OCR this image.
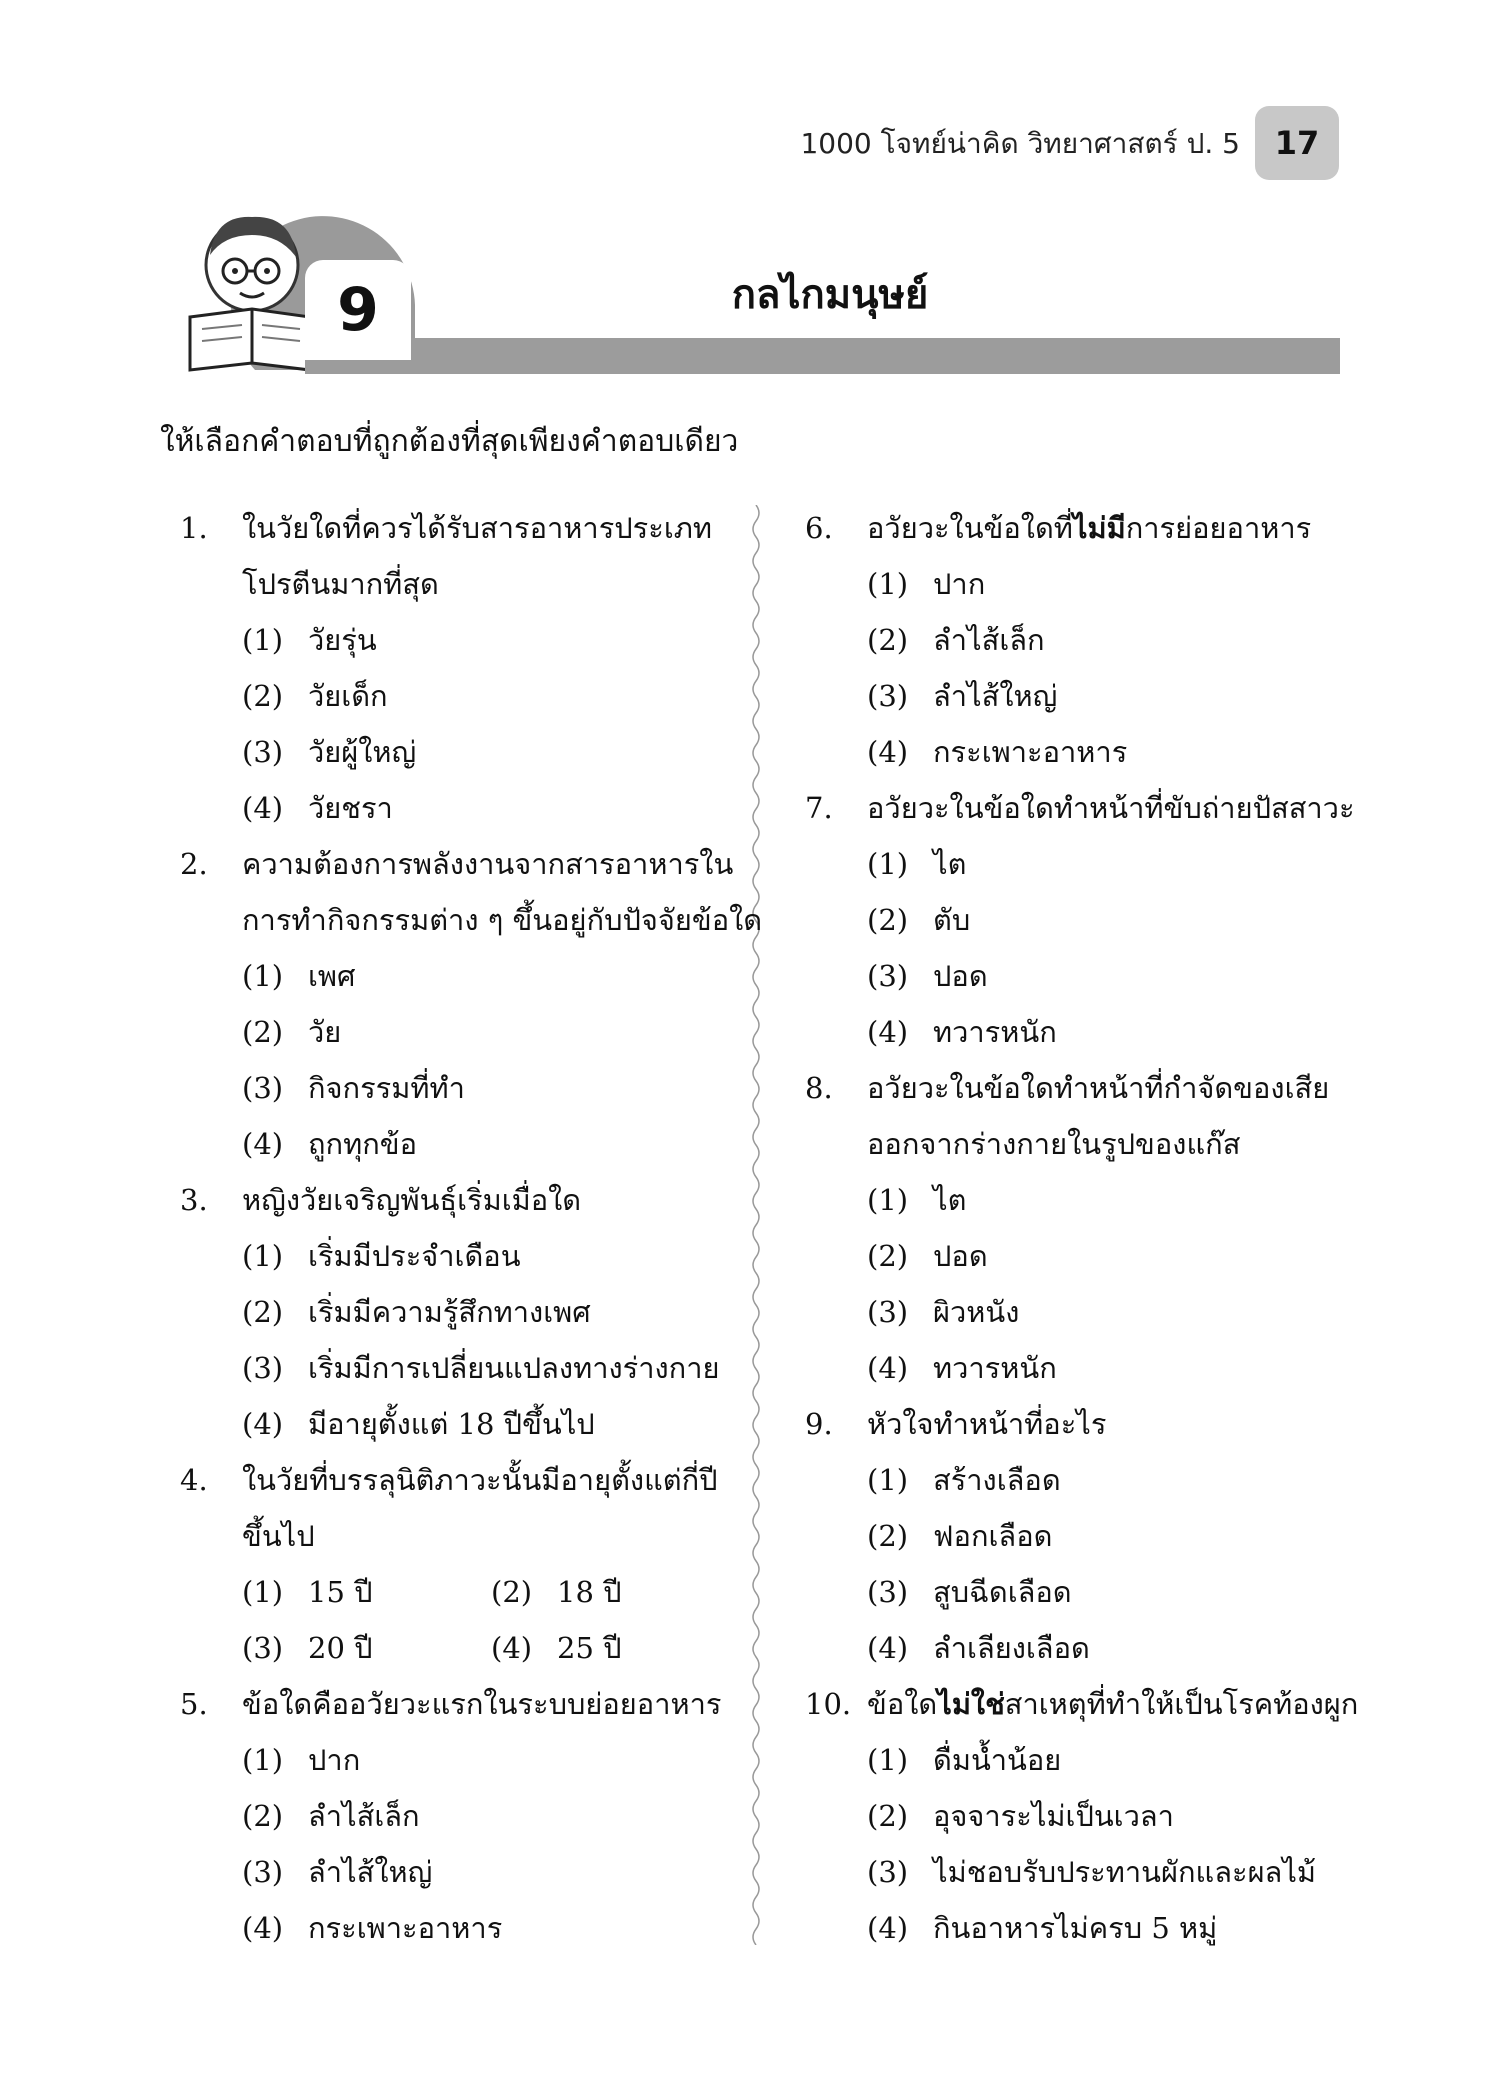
1000 โจทย์น่าคิด วิทยาศาสตร์ ป. 5	17
9	กลไกมนุษย์
ให้เลือกคำตอบที่ถูกต้องที่สุดเพียงคำตอบเดียว
1.	ในวัยใดที่ควรได้รับสารอาหารประเภท
โปรตีนมากที่สุด
(1) วัยรุ่น
(2) วัยเด็ก
(3) วัยผู้ใหญ่
(4) วัยชรา
2.	ความต้องการพลังงานจากสารอาหารใน
การทำกิจกรรมต่าง ๆ ขึ้นอยู่กับปัจจัยข้อใด
(1) เพศ
(2) วัย
(3) กิจกรรมที่ทำ
(4) ถูกทุกข้อ
3.	หญิงวัยเจริญพันธุ์เริ่มเมื่อใด
(1) เริ่มมีประจำเดือน
(2) เริ่มมีความรู้สึกทางเพศ
(3) เริ่มมีการเปลี่ยนแปลงทางร่างกาย
(4) มีอายุตั้งแต่ 18 ปีขึ้นไป
4.	ในวัยที่บรรลุนิติภาวะนั้นมีอายุตั้งแต่กี่ปี
ขึ้นไป
(1) 15 ปี	(2) 18 ปี
(3) 20 ปี	(4) 25 ปี
5.	ข้อใดคืออวัยวะแรกในระบบย่อยอาหาร
(1) ปาก
(2) ลำไส้เล็ก
(3) ลำไส้ใหญ่
(4) กระเพาะอาหาร
6.	อวัยวะในข้อใดที่ไม่มีการย่อยอาหาร
(1) ปาก
(2) ลำไส้เล็ก
(3) ลำไส้ใหญ่
(4) กระเพาะอาหาร
7.	อวัยวะในข้อใดทำหน้าที่ขับถ่ายปัสสาวะ
(1) ไต
(2) ตับ
(3) ปอด
(4) ทวารหนัก
8.	อวัยวะในข้อใดทำหน้าที่กำจัดของเสีย
ออกจากร่างกายในรูปของแก๊ส
(1) ไต
(2) ปอด
(3) ผิวหนัง
(4) ทวารหนัก
9.	หัวใจทำหน้าที่อะไร
(1) สร้างเลือด
(2) ฟอกเลือด
(3) สูบฉีดเลือด
(4) ลำเลียงเลือด
10. ข้อใดไม่ใช่สาเหตุที่ทำให้เป็นโรคท้องผูก
(1) ดื่มน้ำน้อย
(2) อุจจาระไม่เป็นเวลา
(3) ไม่ชอบรับประทานผักและผลไม้
(4) กินอาหารไม่ครบ 5 หมู่
